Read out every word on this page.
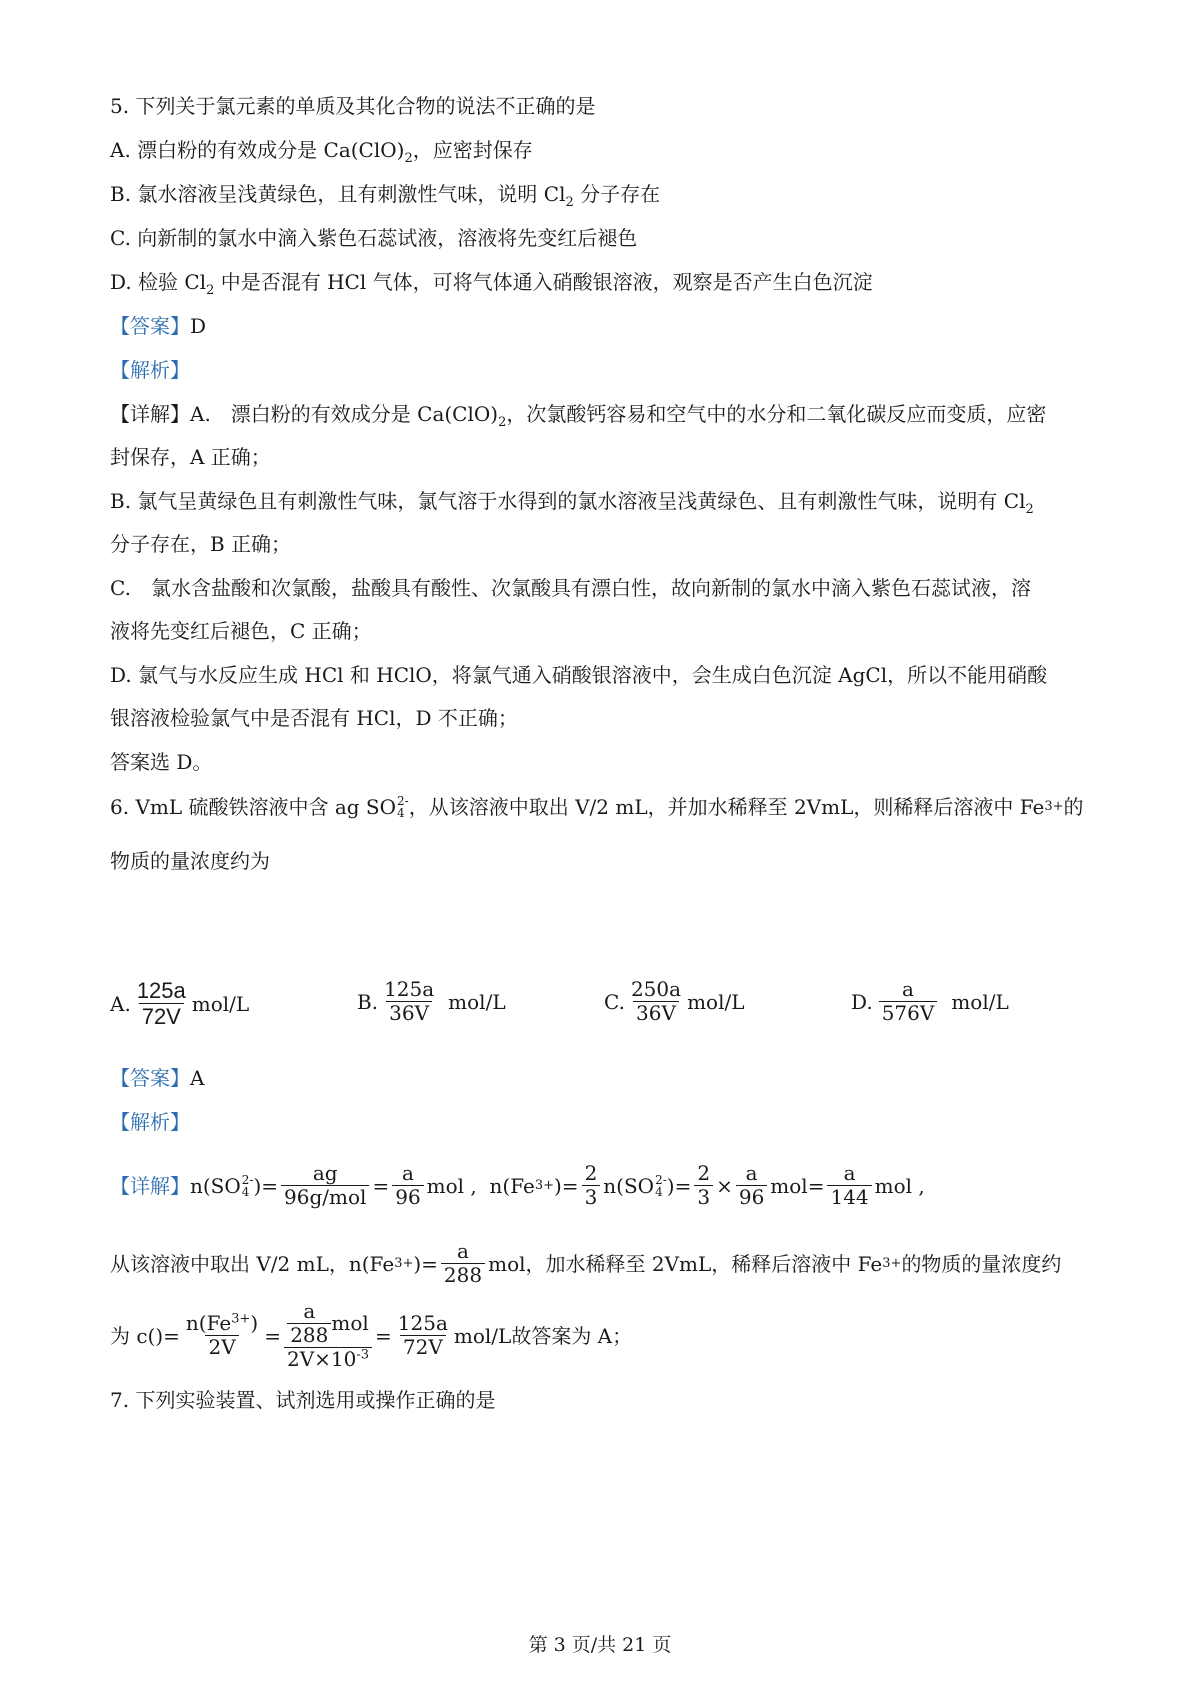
5. 下列关于氯元素的单质及其化合物的说法不正确的是
A. 漂白粉的有效成分是 $Ca(ClO)_2$，应密封保存
B. 氯水溶液呈浅黄绿色，且有刺激性气味，说明 $Cl_2$ 分子存在
C. 向新制的氯水中滴入紫色石蕊试液，溶液将先变红后褪色
D. 检验 $Cl_2$ 中是否混有 HCl 气体，可将气体通入硝酸银溶液，观察是否产生白色沉淀
【答案】D
【解析】
【详解】A.　漂白粉的有效成分是 $Ca(ClO)_2$，次氯酸钙容易和空气中的水分和二氧化碳反应而变质，应密
封保存，A 正确；
B. 氯气呈黄绿色且有刺激性气味，氯气溶于水得到的氯水溶液呈浅黄绿色、且有刺激性气味，说明有 $Cl_2$
分子存在，B 正确；
C.　氯水含盐酸和次氯酸，盐酸具有酸性、次氯酸具有漂白性，故向新制的氯水中滴入紫色石蕊试液，溶
液将先变红后褪色，C 正确；
D. 氯气与水反应生成 HCl 和 HClO，将氯气通入硝酸银溶液中，会生成白色沉淀 AgCl，所以不能用硝酸
银溶液检验氯气中是否混有 HCl，D 不正确；
答案选 D。
6. VmL 硫酸铁溶液中含 ag SO 2-
4 ，从该溶液中取出 V/2 mL，并加水稀释至 2VmL，则稀释后溶液中 Fe 3+ 的
物质的量浓度约为
A. $\frac{125a}{72V} mol/L$	B. $\frac{125a}{36V} mol/L$	C. $\frac{250a}{36V} mol/L$	D. $\frac{a}{576V} mol/L$
【答案】A
【解析】
【详解】 n(SO 2-
4 )= $\frac{ag}{\text{96g/mol}} = \frac{a}{96}$ mol ,
n(Fe 3+ )= $\frac{2}{3} n(SO$ 2-
4 )= $\frac{2}{3} \times \frac{a}{96} mol= \frac{a}{144}$ mol ,
从该溶液中取出 V/2 mL， n(Fe 3+ )= $\frac{a}{288}$ mol ，加水稀释至 2VmL，稀释后溶液中 Fe 3+ 的物质的量浓度约
为 $c()= \frac{n(Fe^{3+})}{2V} = \frac{\frac{a}{288} mol}{2V\times 10^{-3}} = \frac{125a}{72V} mol/L$ 故答案为 A；
7. 下列实验装置、试剂选用或操作正确的是
第 3 页/共 21 页
